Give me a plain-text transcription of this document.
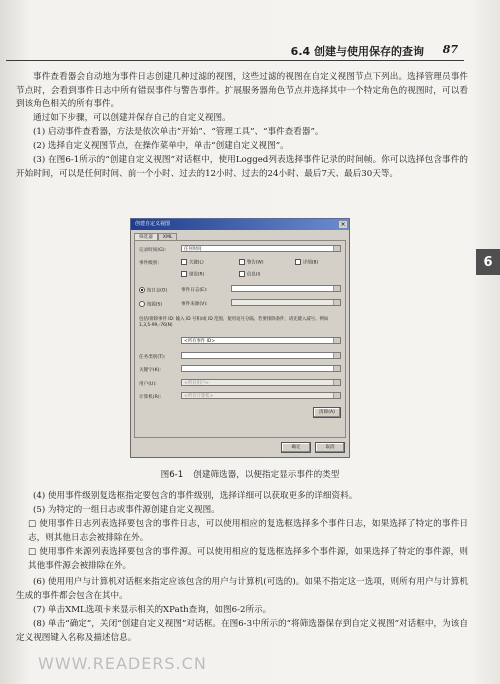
6.4 创建与使用保存的查询 87
6

事件查看器会自动地为事件日志创建几种过滤的视图，这些过滤的视图在自定义视图节点下列出。选择管理员事件节点时，会看到事件日志中所有错误事件与警告事件。扩展服务器角色节点并选择其中一个特定角色的视图时，可以看到该角色相关的所有事件。

通过如下步骤，可以创建并保存自己的自定义视图。

(1) 启动事件查看器，方法是依次单击“开始”、“管理工具”、“事件查看器”。

(2) 选择自定义视图节点，在操作菜单中，单击“创建自定义视图”。

(3) 在图6-1所示的“创建自定义视图”对话框中，使用Logged列表选择事件记录的时间帧。你可以选择包含事件的开始时间，可以是任何时间、前一个小时、过去的12小时、过去的24小时、最后7天、最后30天等。

创建自定义视图	×
筛选器 XML
记录时间(G):	任何时间
事件级别:	关键(L)	警告(W)	详细(B)
错误(R)	信息(I)
按日志(O)	事件日志(E):
按源(S)	事件来源(V):
包括/排除事件 ID: 输入 ID 号和/或 ID 范围，使用逗号分隔。若要排除条件，请先键入减号。例如 1,3,5-99,-76(N)
<所有事件 ID>
任务类别(T):
关键字(K):
用户(U):	<所有用户>
计算机(R):	<所有计算机>
清除(A)
确定	取消
图6-1 创建筛选器，以便指定显示事件的类型

(4) 使用事件级别复选框指定要包含的事件级别，选择详细可以获取更多的详细资料。

(5) 为特定的一组日志或事件源创建自定义视图。

□ 使用事件日志列表选择要包含的事件日志，可以使用相应的复选框选择多个事件日志，如果选择了特定的事件日志，则其他日志会被排除在外。

□ 使用事件来源列表选择要包含的事件源。可以使用相应的复选框选择多个事件源，如果选择了特定的事件源，则其他事件源会被排除在外。

(6) 使用用户与计算机对话框来指定应该包含的用户与计算机(可选的)。如果不指定这一选项，则所有用户与计算机生成的事件都会包含在其中。

(7) 单击XML选项卡来显示相关的XPath查询，如图6-2所示。

(8) 单击“确定”，关闭“创建自定义视图”对话框。在图6-3中所示的“将筛选器保存到自定义视图”对话框中，为该自定义视图键入名称及描述信息。

WWW.READERS.CN
